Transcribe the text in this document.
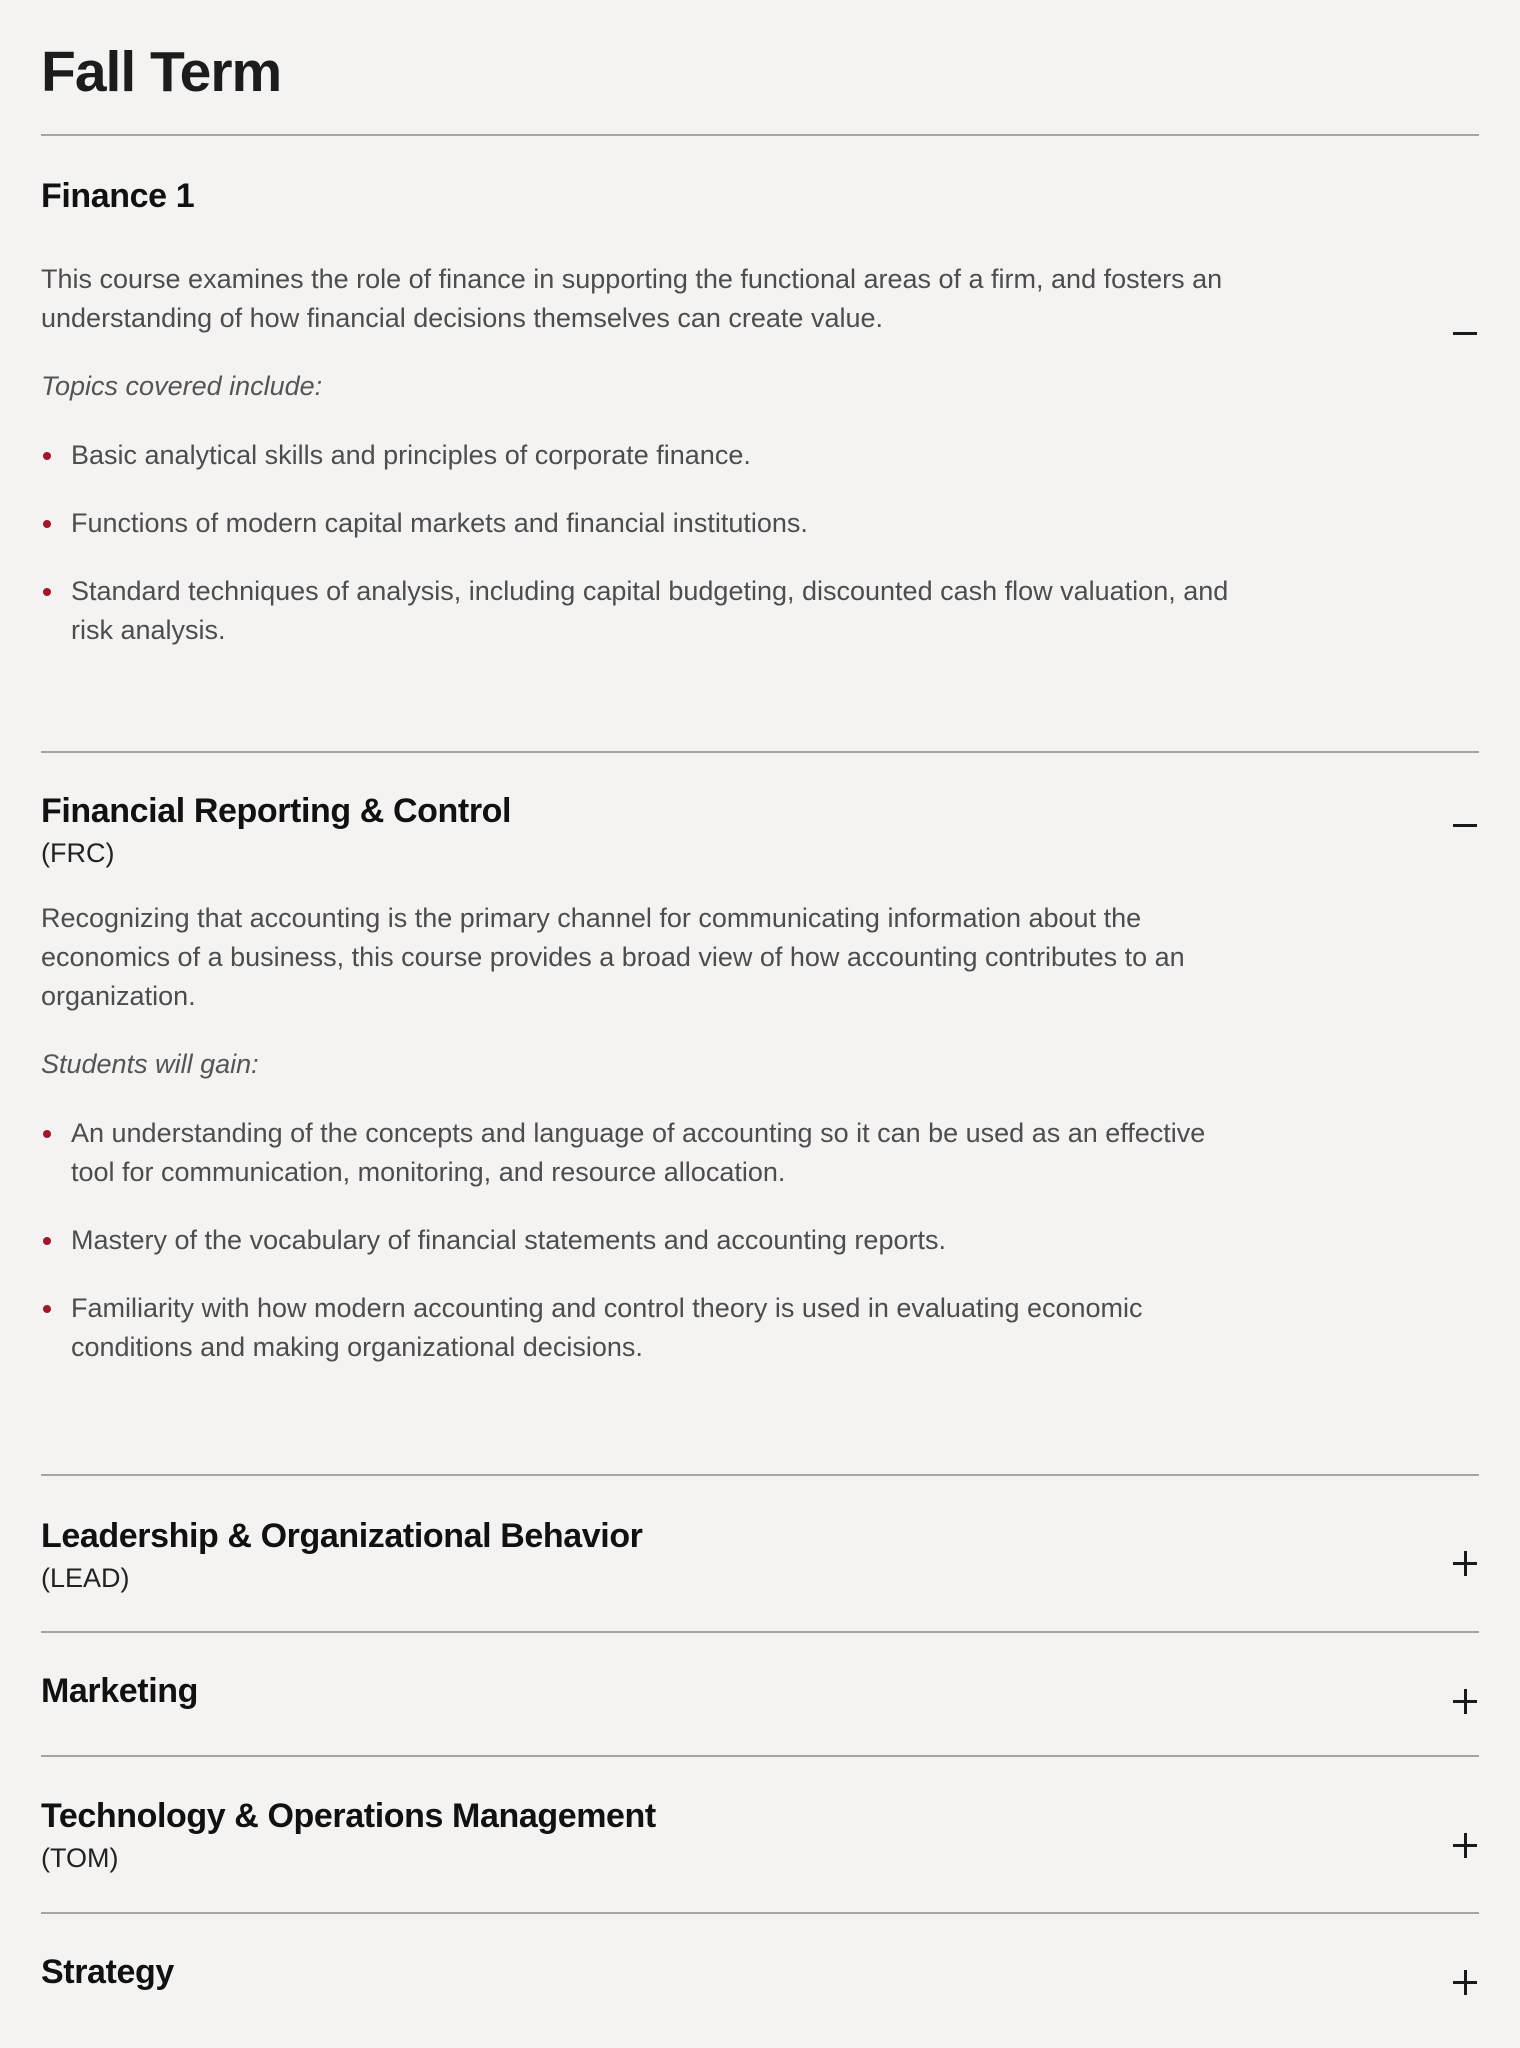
Fall Term
Finance 1

This course examines the role of finance in supporting the functional areas of a firm, and fosters an understanding of how financial decisions themselves can create value.

Topics covered include:

Basic analytical skills and principles of corporate finance.
Functions of modern capital markets and financial institutions.
Standard techniques of analysis, including capital budgeting, discounted cash flow valuation, and risk analysis.
Financial Reporting & Control

(FRC)

Recognizing that accounting is the primary channel for communicating information about the economics of a business, this course provides a broad view of how accounting contributes to an organization.

Students will gain:

An understanding of the concepts and language of accounting so it can be used as an effective tool for communication, monitoring, and resource allocation.
Mastery of the vocabulary of financial statements and accounting reports.
Familiarity with how modern accounting and control theory is used in evaluating economic conditions and making organizational decisions.
Leadership & Organizational Behavior

(LEAD)

Marketing
Technology & Operations Management

(TOM)

Strategy
